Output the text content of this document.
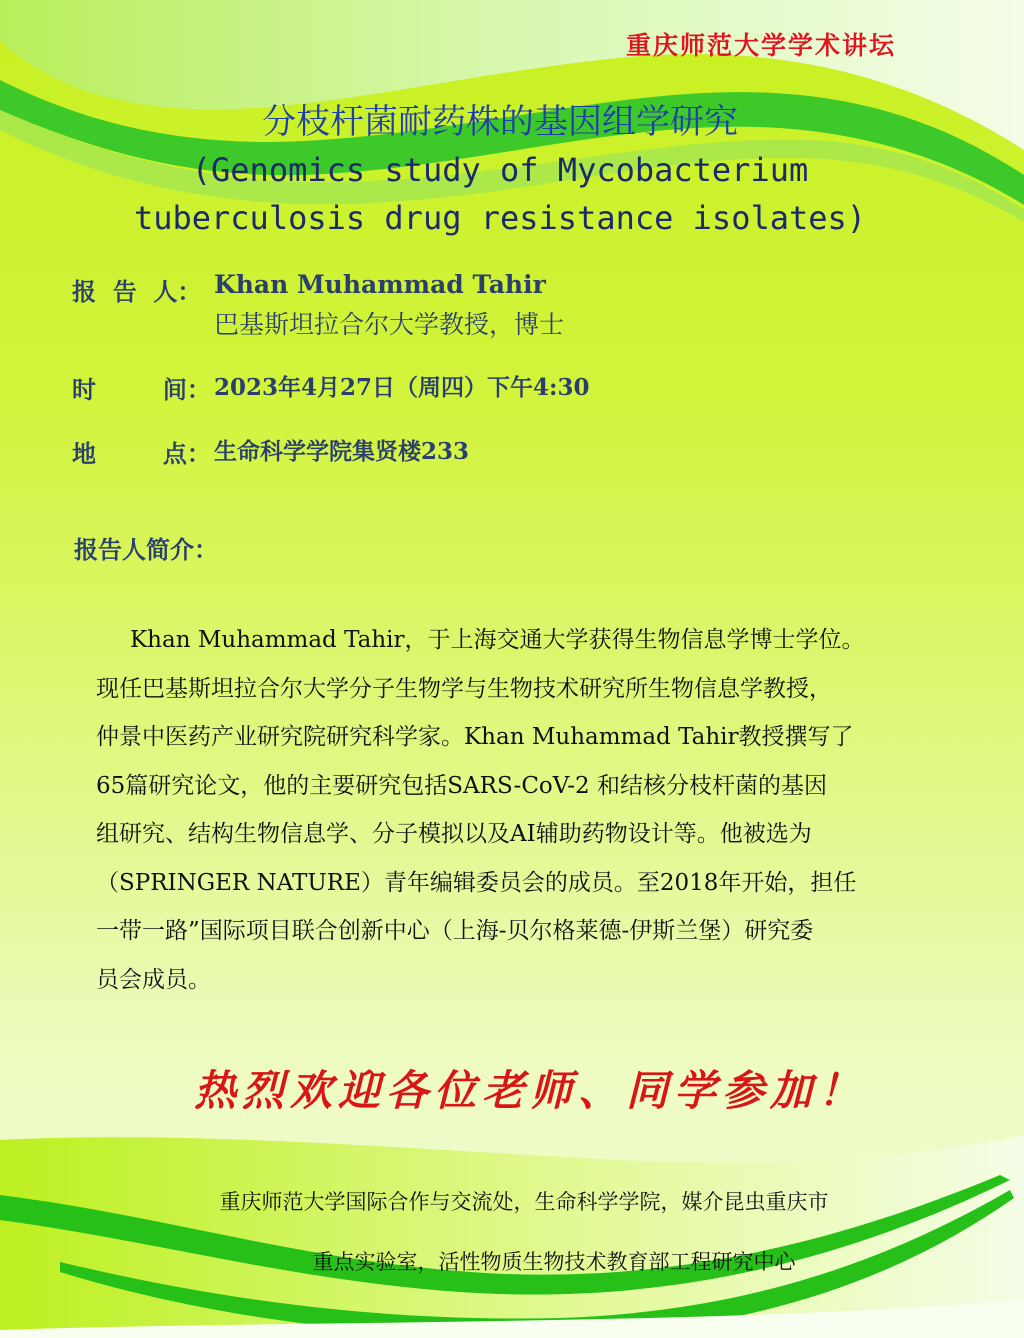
重庆师范大学学术讲坛
分枝杆菌耐药株的基因组学研究
(Genomics study of Mycobacterium
tuberculosis drug resistance isolates)
报  告  人： Khan Muhammad Tahir
巴基斯坦拉合尔大学教授，博士
时        间： 2023年4月27日（周四）下午4:30
地        点： 生命科学学院集贤楼233
报告人简介：
Khan Muhammad Tahir，于上海交通大学获得生物信息学博士学位。
现任巴基斯坦拉合尔大学分子生物学与生物技术研究所生物信息学教授，
仲景中医药产业研究院研究科学家。Khan Muhammad Tahir教授撰写了
65篇研究论文，他的主要研究包括SARS-CoV-2 和结核分枝杆菌的基因
组研究、结构生物信息学、分子模拟以及AI辅助药物设计等。他被选为
（SPRINGER NATURE）青年编辑委员会的成员。至2018年开始，担任
一带一路”国际项目联合创新中心（上海-贝尔格莱德-伊斯兰堡）研究委
员会成员。
热烈欢迎各位老师、同学参加！
重庆师范大学国际合作与交流处，生命科学学院，媒介昆虫重庆市
重点实验室，活性物质生物技术教育部工程研究中心
